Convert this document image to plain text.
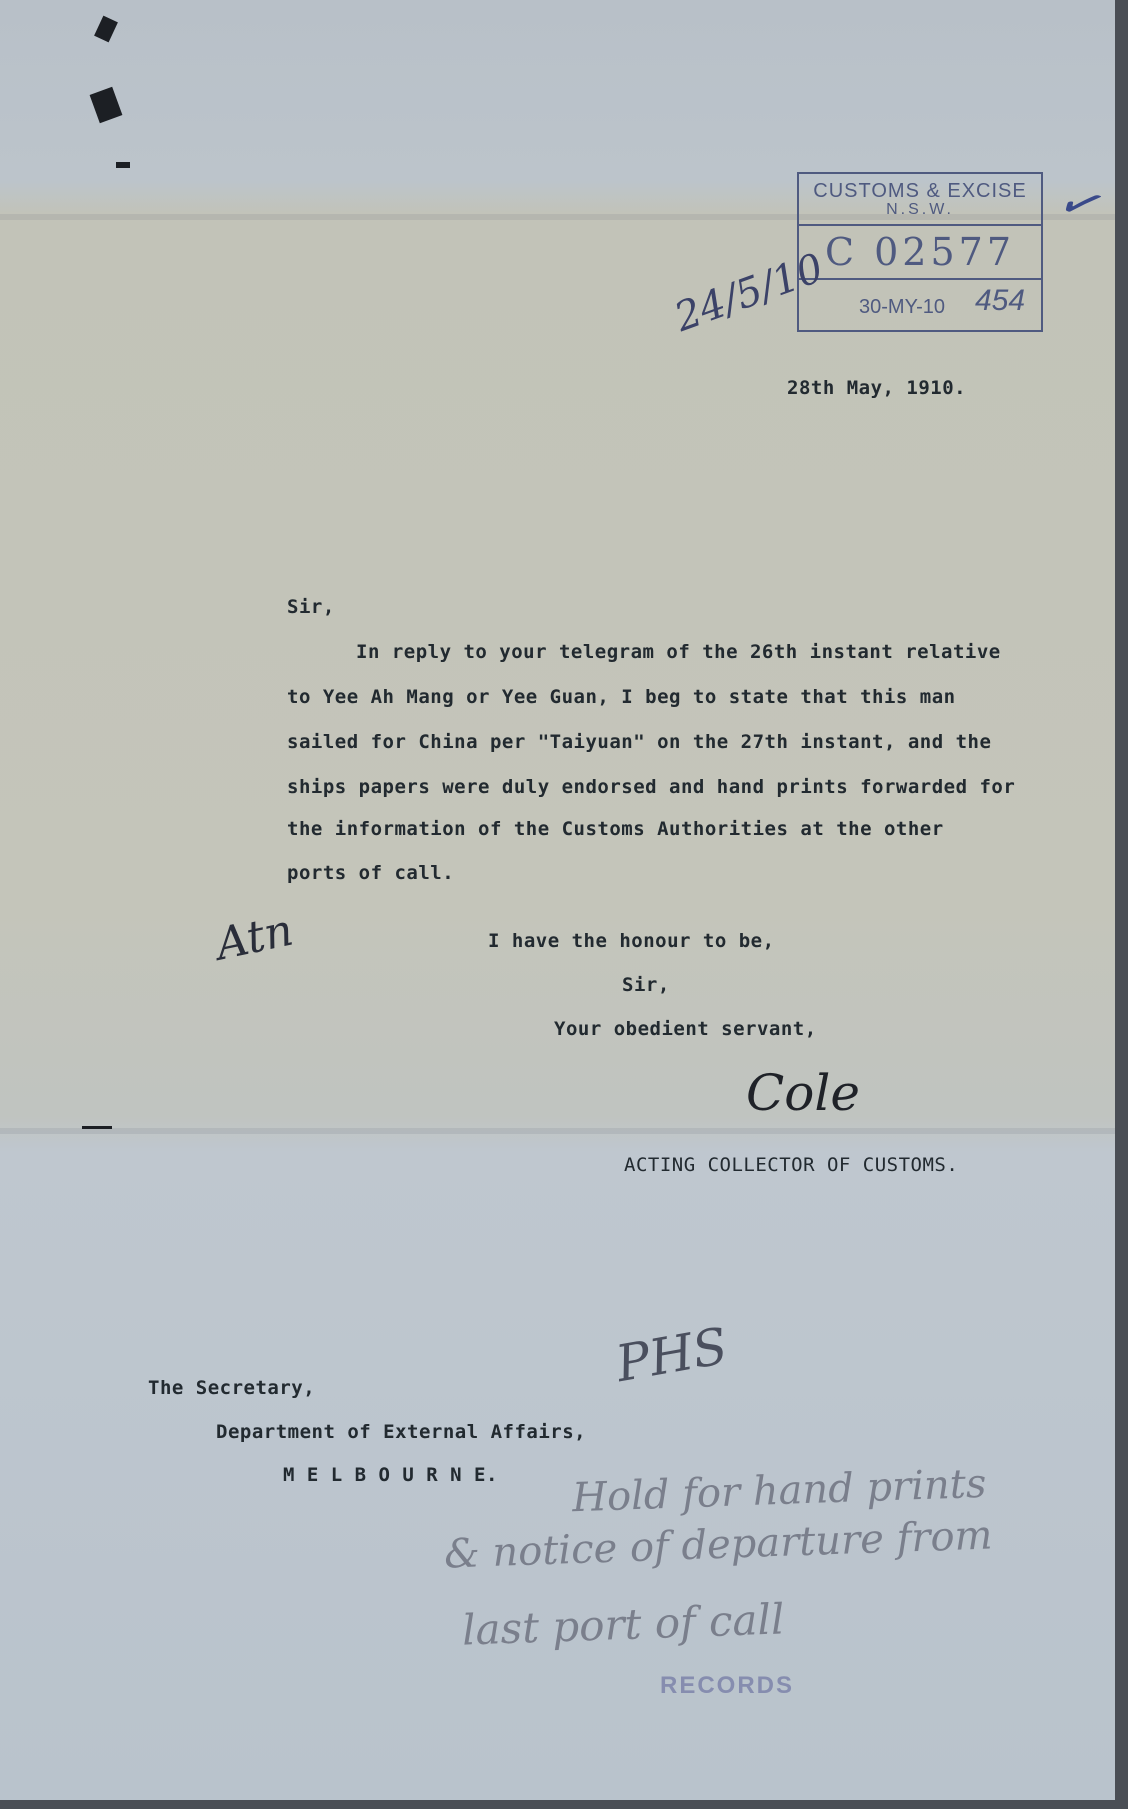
CUSTOMS & EXCISE
N.S.W.
C 02577
30-MY-10 454
24/5/10
✓
28th May, 1910.
Sir,
In reply to your telegram of the 26th instant relative
to Yee Ah Mang or Yee Guan, I beg to state that this man
sailed for China per "Taiyuan" on the 27th instant, and the
ships papers were duly endorsed and hand prints forwarded for
the information of the Customs Authorities at the other
ports of call.
Atn	I have the honour to be,
Sir,
Your obedient servant,
Cole
ACTING COLLECTOR OF CUSTOMS.
PHS
The Secretary,
Department of External Affairs,
M E L B O U R N E. Hold for hand prints
& notice of departure from
last port of call
RECORDS
